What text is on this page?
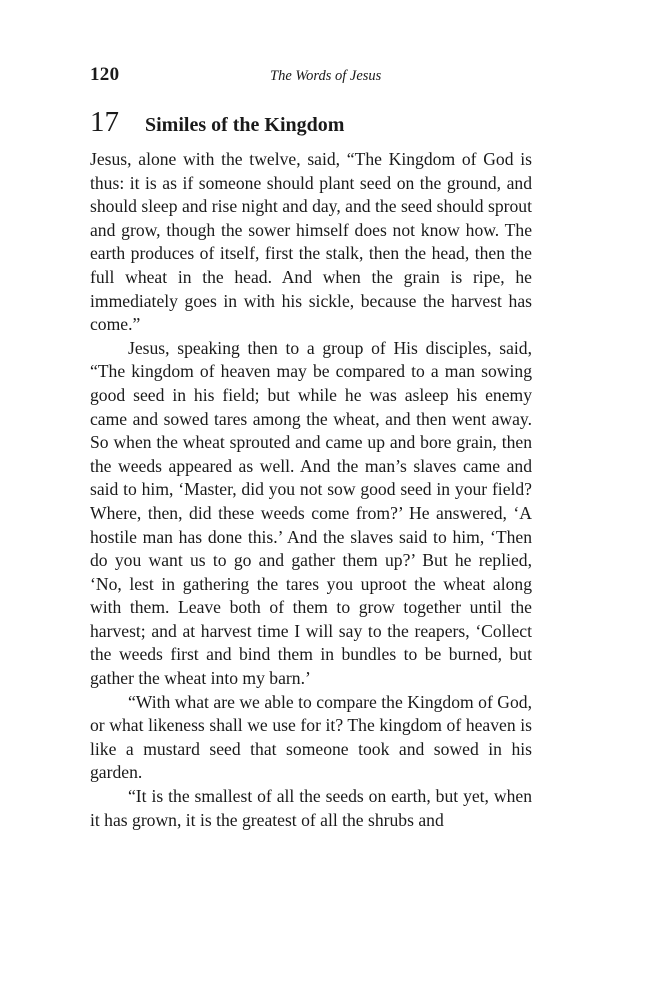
120	The Words of Jesus
17	Similes of the Kingdom

Jesus, alone with the twelve, said, “The Kingdom of God is thus: it is as if someone should plant seed on the ground, and should sleep and rise night and day, and the seed should sprout and grow, though the sower himself does not know how. The earth produces of itself, first the stalk, then the head, then the full wheat in the head. And when the grain is ripe, he immediately goes in with his sickle, because the harvest has come.”

Jesus, speaking then to a group of His disciples, said, “The kingdom of heaven may be compared to a man sowing good seed in his field; but while he was asleep his enemy came and sowed tares among the wheat, and then went away. So when the wheat sprouted and came up and bore grain, then the weeds appeared as well. And the man’s slaves came and said to him, ‘Master, did you not sow good seed in your field? Where, then, did these weeds come from?’ He answered, ‘A hostile man has done this.’ And the slaves said to him, ‘Then do you want us to go and gather them up?’ But he replied, ‘No, lest in gathering the tares you uproot the wheat along with them. Leave both of them to grow together until the harvest; and at harvest time I will say to the reapers, ‘Collect the weeds first and bind them in bundles to be burned, but gather the wheat into my barn.’

“With what are we able to compare the Kingdom of God, or what likeness shall we use for it? The kingdom of heaven is like a mustard seed that someone took and sowed in his garden.

“It is the smallest of all the seeds on earth, but yet, when it has grown, it is the greatest of all the shrubs and
